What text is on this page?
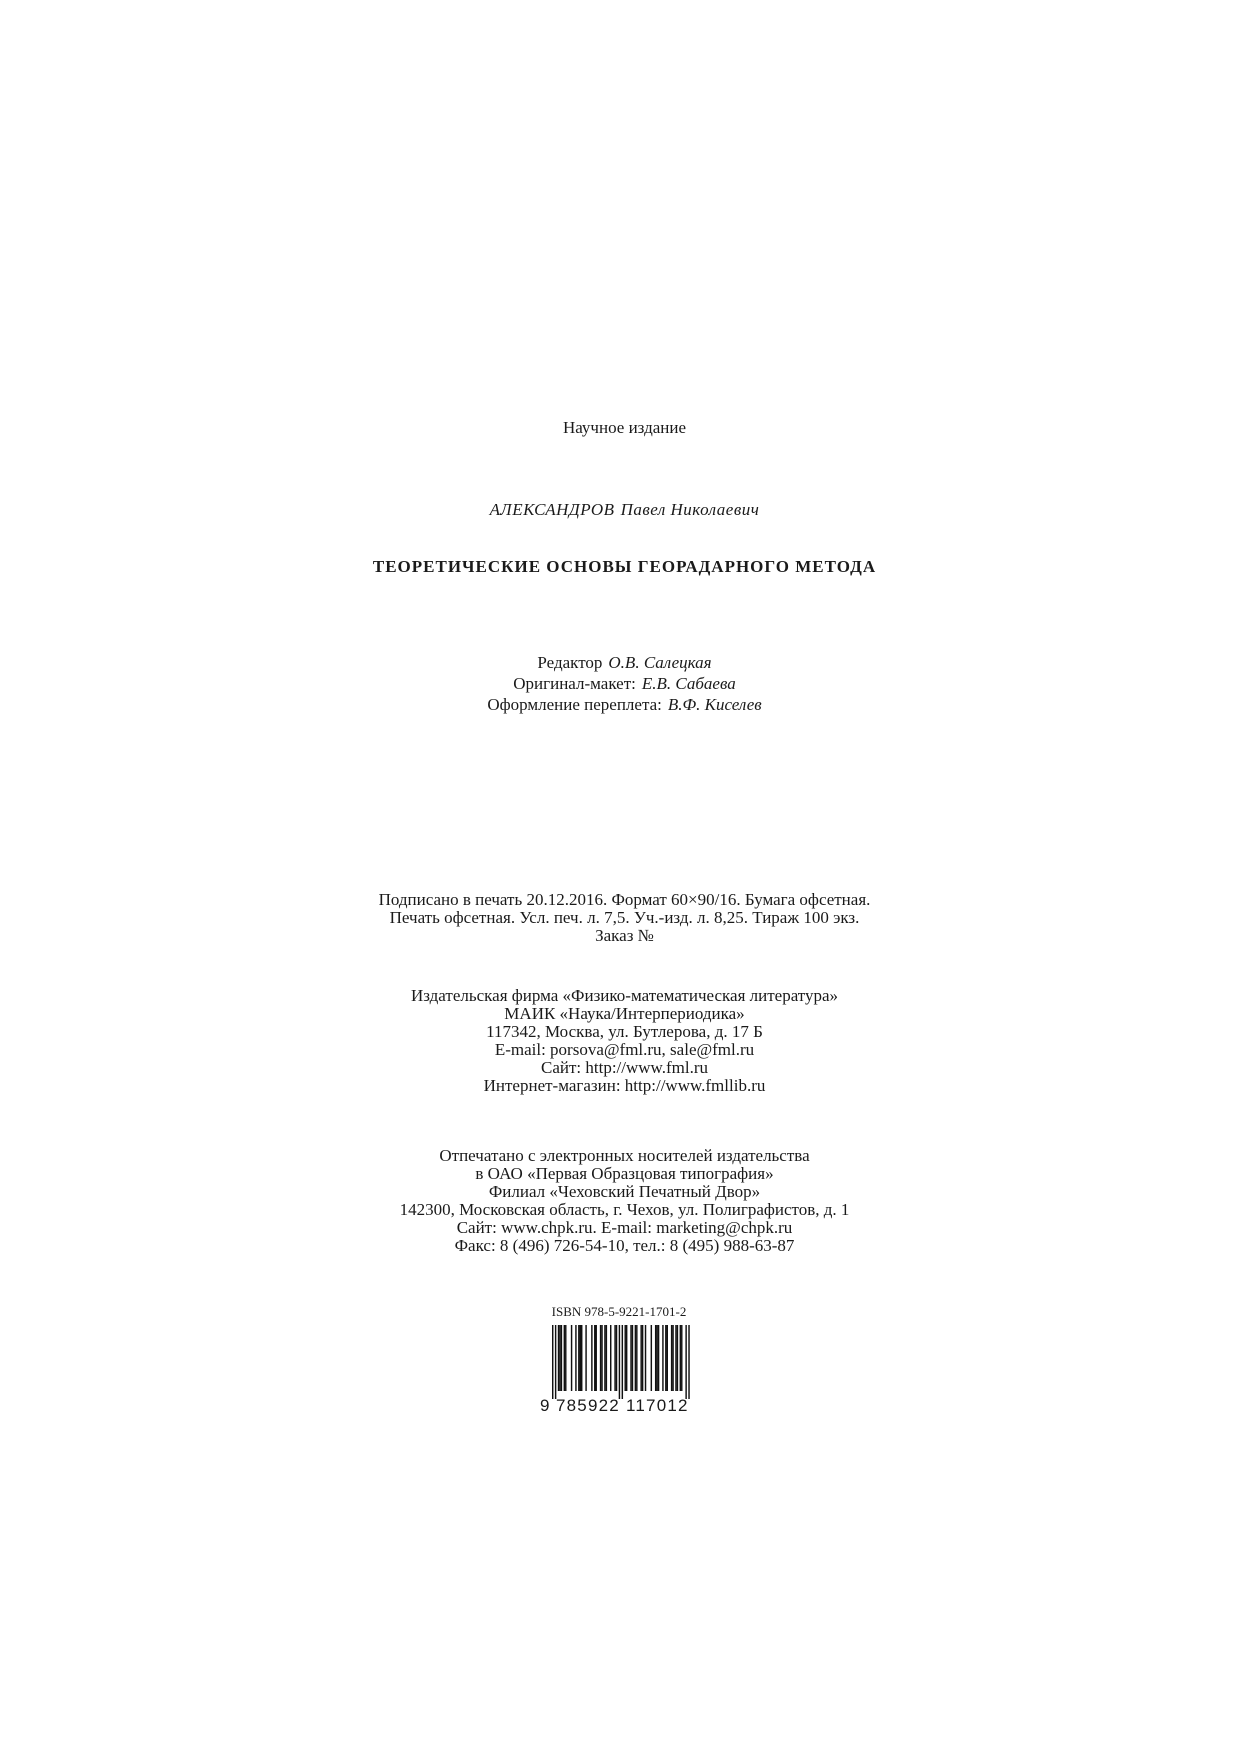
Научное издание
АЛЕКСАНДРОВ Павел Николаевич
ТЕОРЕТИЧЕСКИЕ ОСНОВЫ ГЕОРАДАРНОГО МЕТОДА
Редактор О.В. Салецкая
Оригинал-макет: Е.В. Сабаева
Оформление переплета: В.Ф. Киселев
Подписано в печать 20.12.2016. Формат 60×90/16. Бумага офсетная.
Печать офсетная. Усл. печ. л. 7,5. Уч.-изд. л. 8,25. Тираж 100 экз.
Заказ №
Издательская фирма «Физико-математическая литература»
МАИК «Наука/Интерпериодика»
117342, Москва, ул. Бутлерова, д. 17 Б
E-mail: porsova@fml.ru, sale@fml.ru
Сайт: http://www.fml.ru
Интернет-магазин: http://www.fmllib.ru
Отпечатано с электронных носителей издательства
в ОАО «Первая Образцовая типография»
Филиал «Чеховский Печатный Двор»
142300, Московская область, г. Чехов, ул. Полиграфистов, д. 1
Сайт: www.chpk.ru. E-mail: marketing@chpk.ru
Факс: 8 (496) 726-54-10, тел.: 8 (495) 988-63-87
ISBN 978-5-9221-1701-2
9 785922 117012
